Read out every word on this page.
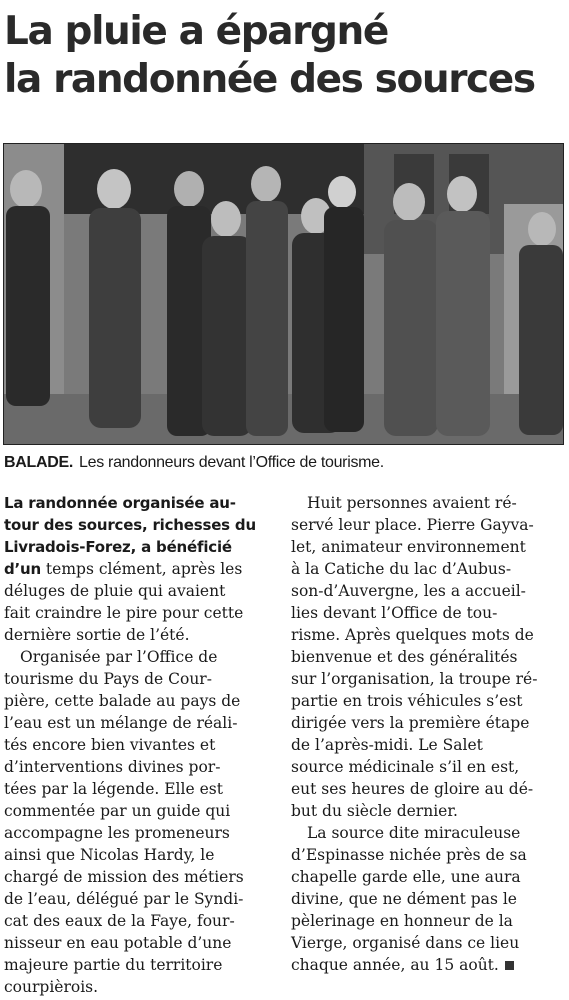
La pluie a épargné
la randonnée des sources

BALADE. Les randonneurs devant l’Office de tourisme.

La randonnée organisée au-
tour des sources, richesses du
Livradois-Forez, a bénéficié
d’un temps clément, après les
déluges de pluie qui avaient
fait craindre le pire pour cette
dernière sortie de l’été.
Organisée par l’Office de
tourisme du Pays de Cour-
pière, cette balade au pays de
l’eau est un mélange de réali-
tés encore bien vivantes et
d’interventions divines por-
tées par la légende. Elle est
commentée par un guide qui
accompagne les promeneurs
ainsi que Nicolas Hardy, le
chargé de mission des métiers
de l’eau, délégué par le Syndi-
cat des eaux de la Faye, four-
nisseur en eau potable d’une
majeure partie du territoire
courpièrois.
Huit personnes avaient ré-
servé leur place. Pierre Gayva-
let, animateur environnement
à la Catiche du lac d’Aubus-
son-d’Auvergne, les a accueil-
lies devant l’Office de tou-
risme. Après quelques mots de
bienvenue et des généralités
sur l’organisation, la troupe ré-
partie en trois véhicules s’est
dirigée vers la première étape
de l’après-midi. Le Salet
source médicinale s’il en est,
eut ses heures de gloire au dé-
but du siècle dernier.
La source dite miraculeuse
d’Espinasse nichée près de sa
chapelle garde elle, une aura
divine, que ne dément pas le
pèlerinage en honneur de la
Vierge, organisé dans ce lieu
chaque année, au 15 août.
